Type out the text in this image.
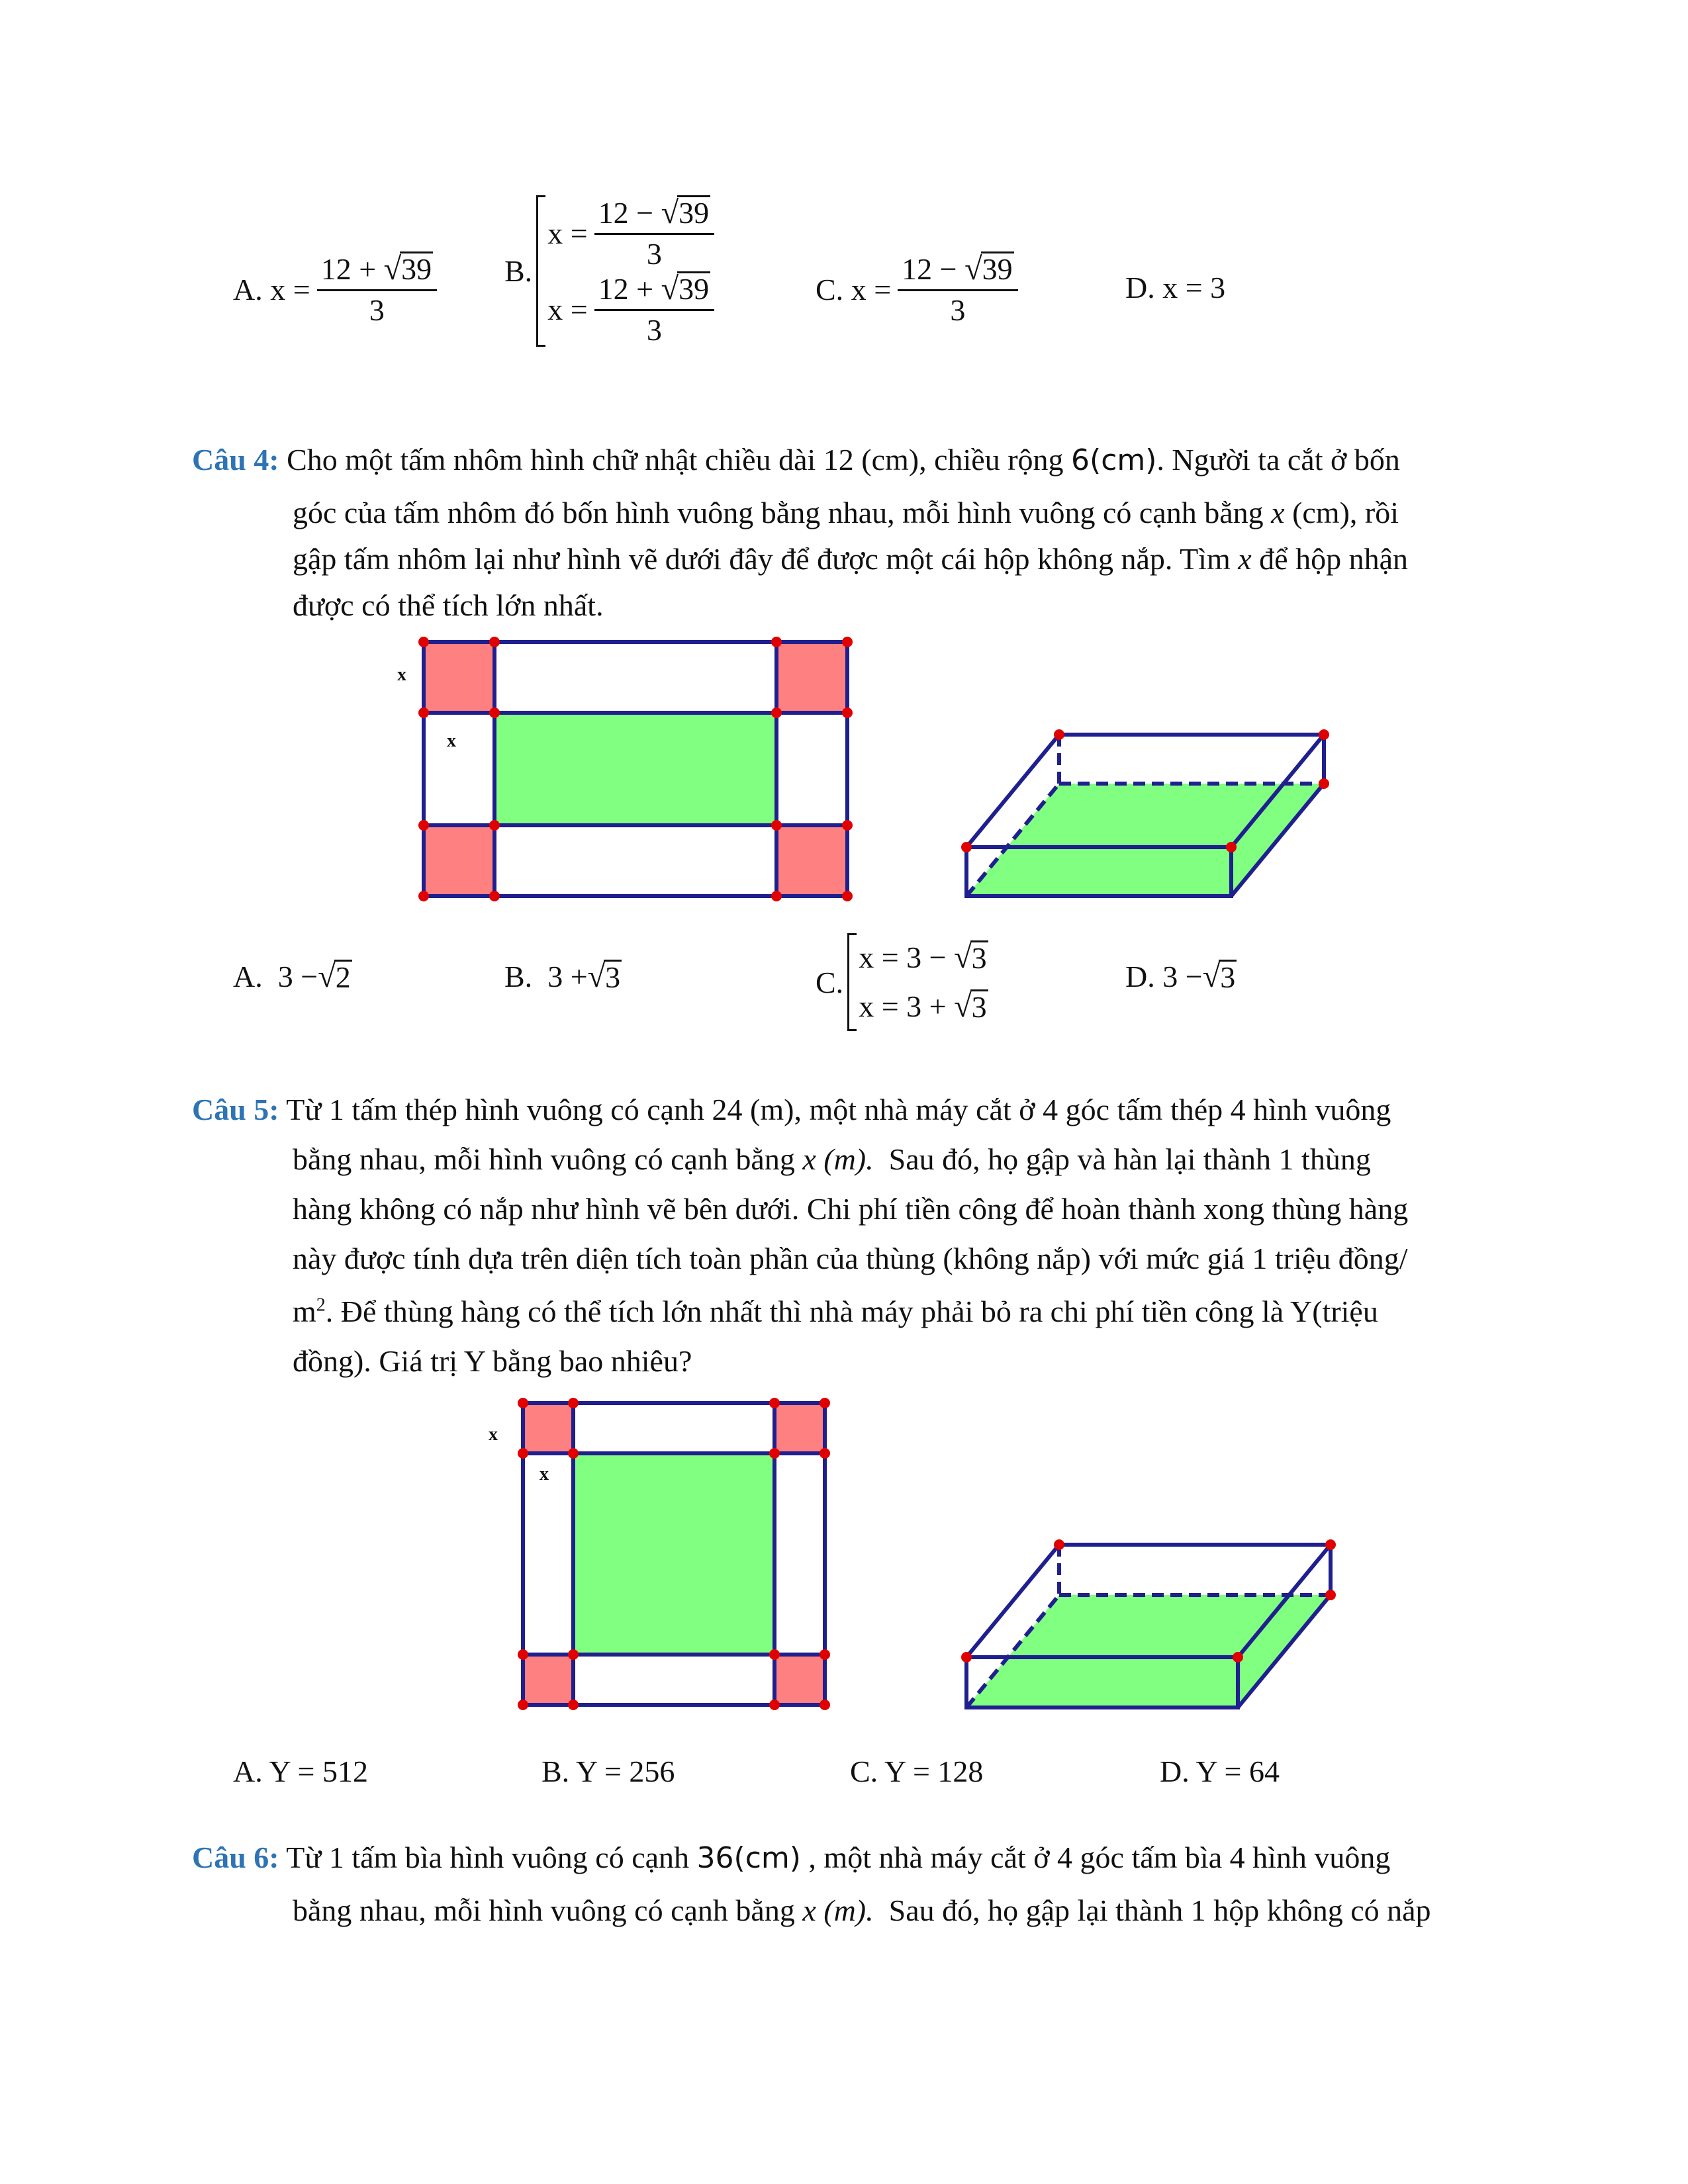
A.
$x = \frac{12 + √39}{3} B$.
$x = \frac{12 - √39}{3}$
$x = \frac{12 + √39}{3}$	C.
$x = \frac{12 - √39}{3}$	D.
x = 3
Câu 4: Cho một tấm nhôm hình chữ nhật chiều dài 12 (cm), chiều rộng 6(cm). Người ta cắt ở bốn
góc của tấm nhôm đó bốn hình vuông bằng nhau, mỗi hình vuông có cạnh bằng x (cm), rồi
gập tấm nhôm lại như hình vẽ dưới đây để được một cái hộp không nắp. Tìm x để hộp nhận
được có thể tích lớn nhất.
x
x
A.
3 − √ 2	B.
3 + √ 3	C.
x = 3 −
√ 3
x = 3 +
√ 3
D.
3 − √ 3
Câu 5: Từ 1 tấm thép hình vuông có cạnh 24 (m), một nhà máy cắt ở 4 góc tấm thép 4 hình vuông
bằng nhau, mỗi hình vuông có cạnh bằng x (m). Sau đó, họ gập và hàn lại thành 1 thùng
hàng không có nắp như hình vẽ bên dưới. Chi phí tiền công để hoàn thành xong thùng hàng
này được tính dựa trên diện tích toàn phần của thùng (không nắp) với mức giá 1 triệu đồng/
$m^2$. Để thùng hàng có thể tích lớn nhất thì nhà máy phải bỏ ra chi phí tiền công là Y(triệu
đồng). Giá trị Y bằng bao nhiêu?
x
x
A. Y = 512	B. Y = 256	C. Y = 128	D. Y = 64
Câu 6: Từ 1 tấm bìa hình vuông có cạnh 36(cm) , một nhà máy cắt ở 4 góc tấm bìa 4 hình vuông
bằng nhau, mỗi hình vuông có cạnh bằng x (m). Sau đó, họ gập lại thành 1 hộp không có nắp
